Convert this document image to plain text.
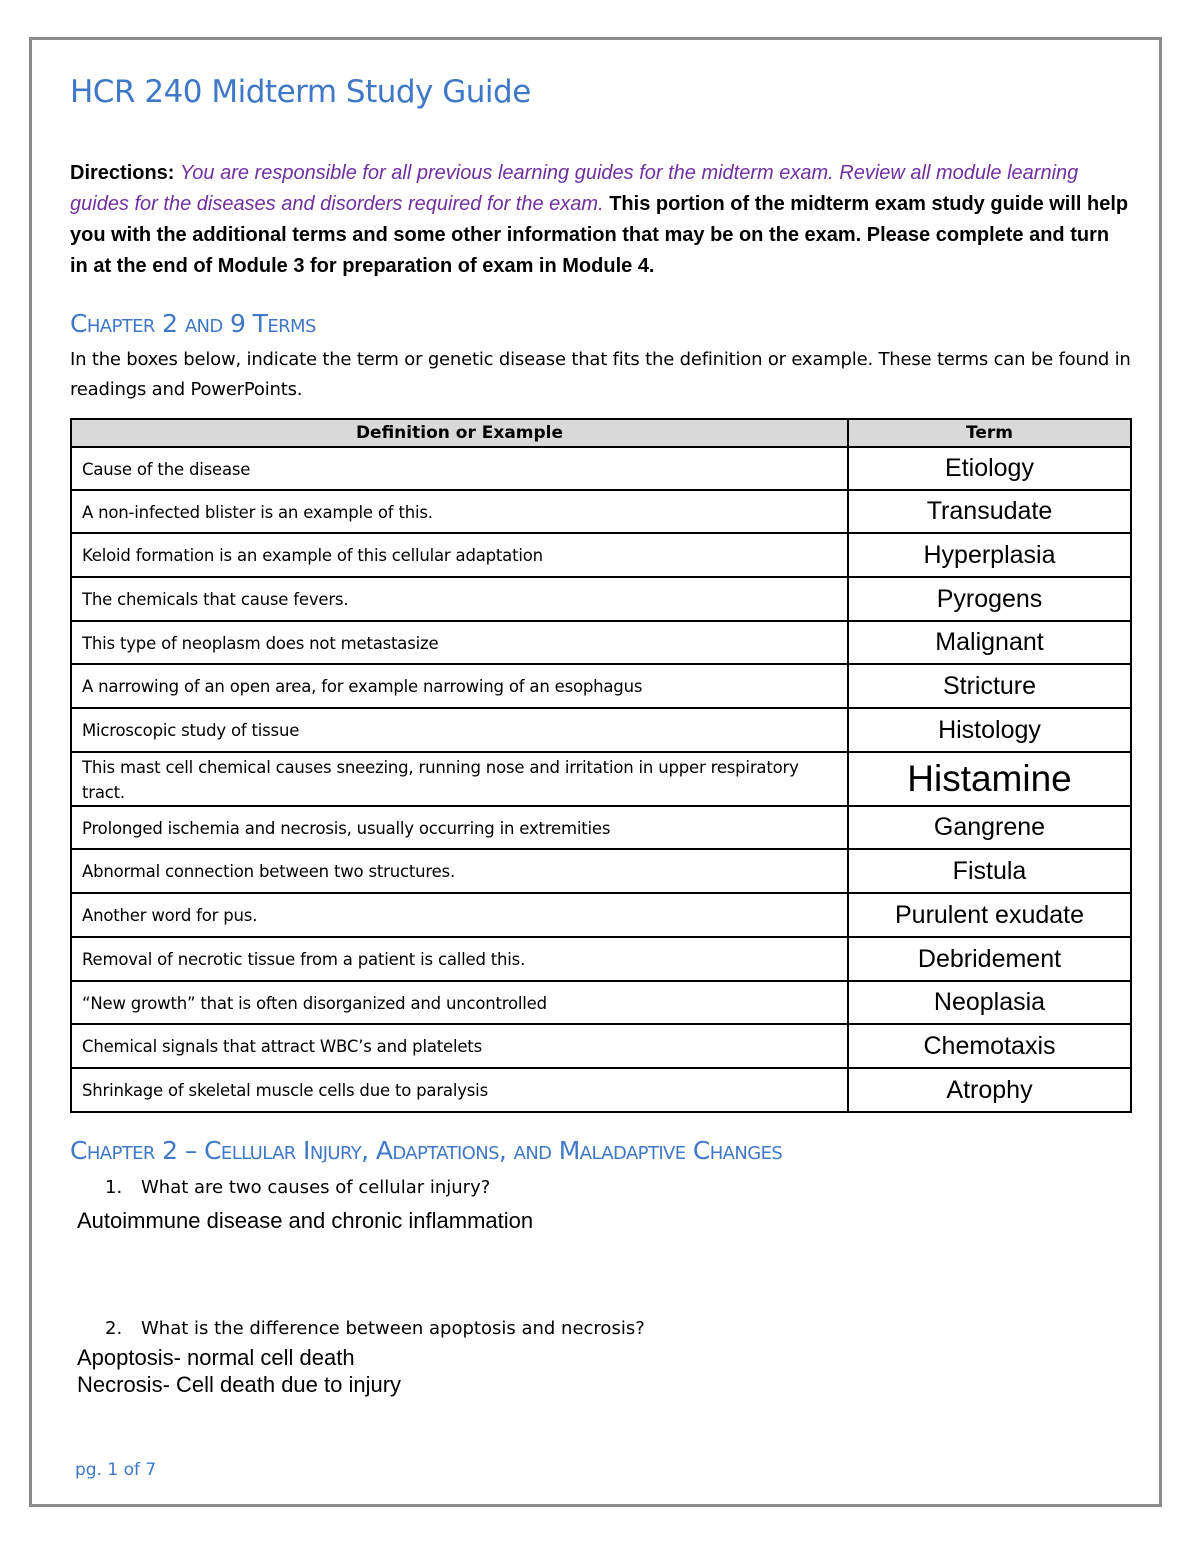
HCR 240 Midterm Study Guide
Directions: You are responsible for all previous learning guides for the midterm exam. Review all module learning guides for the diseases and disorders required for the exam. This portion of the midterm exam study guide will help you with the additional terms and some other information that may be on the exam. Please complete and turn in at the end of Module 3 for preparation of exam in Module 4.
Chapter 2 and 9 Terms
In the boxes below, indicate the term or genetic disease that fits the definition or example. These terms can be found in readings and PowerPoints.
Definition or Example	Term
Cause of the disease	Etiology
A non-infected blister is an example of this.	Transudate
Keloid formation is an example of this cellular adaptation	Hyperplasia
The chemicals that cause fevers.	Pyrogens
This type of neoplasm does not metastasize	Malignant
A narrowing of an open area, for example narrowing of an esophagus	Stricture
Microscopic study of tissue	Histology
This mast cell chemical causes sneezing, running nose and irritation in upper respiratory tract.	Histamine
Prolonged ischemia and necrosis, usually occurring in extremities	Gangrene
Abnormal connection between two structures.	Fistula
Another word for pus.	Purulent exudate
Removal of necrotic tissue from a patient is called this.	Debridement
“New growth” that is often disorganized and uncontrolled	Neoplasia
Chemical signals that attract WBC’s and platelets	Chemotaxis
Shrinkage of skeletal muscle cells due to paralysis	Atrophy
Chapter 2 – Cellular Injury, Adaptations, and Maladaptive Changes
1. What are two causes of cellular injury?
Autoimmune disease and chronic inflammation
2. What is the difference between apoptosis and necrosis?
Apoptosis- normal cell death
Necrosis- Cell death due to injury
pg. 1 of 7
